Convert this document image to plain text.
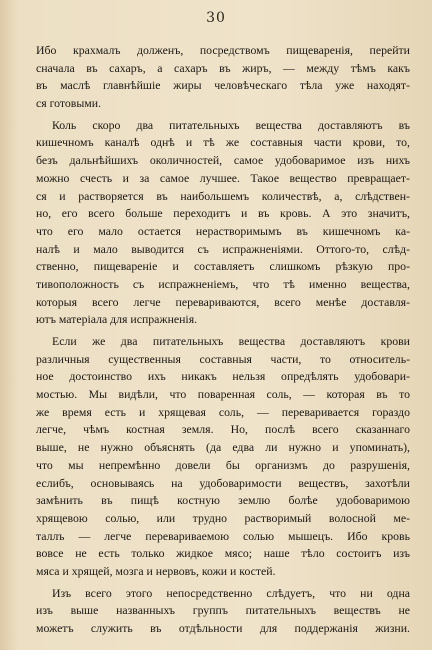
30
Ибо крахмалъ долженъ, посредствомъ пищеваренія, перейти
сначала въ сахаръ, а сахаръ въ жиръ, — между тѣмъ какъ
въ маслѣ главнѣйшіе жиры человѣческаго тѣла уже находят-
ся готовыми.
Коль скоро два питательныхъ вещества доставляютъ въ
кишечномъ каналѣ однѣ и тѣ же составныя части крови, то,
безъ дальнѣйшихъ околичностей, самое удобоваримое изъ нихъ
можно счесть и за самое лучшее. Такое вещество превращает-
ся и растворяется въ наибольшемъ количествѣ, а, слѣдствен-
но, его всего больше переходитъ и въ кровь. А это значитъ,
что его мало остается нерастворимымъ въ кишечномъ ка-
налѣ и мало выводится съ испражненіями. Оттого-то, слѣд-
ственно, пищевареніе и составляетъ слишкомъ рѣзкую про-
тивоположность съ испражненіемъ, что тѣ именно вещества,
которыя всего легче перевариваются, всего менѣе доставля-
ютъ матеріала для испражненія.
Если же два питательныхъ вещества доставляютъ крови
различныя существенныя составныя части, то относитель-
ное достоинство ихъ никакъ нельзя опредѣлять удобовари-
мостью. Мы видѣли, что поваренная соль, — которая въ то
же время есть и хрящевая соль, — переваривается гораздо
легче, чѣмъ костная земля. Но, послѣ всего сказаннаго
выше, не нужно объяснять (да едва ли нужно и упоминать),
что мы непремѣнно довели бы организмъ до разрушенія,
еслибъ, основываясь на удобоваримости веществъ, захотѣли
замѣнить въ пищѣ костную землю болѣе удобоваримою
хрящевою солью, или трудно растворимый волосной ме-
таллъ — легче перевариваемою солью мышецъ. Ибо кровь
вовсе не есть только жидкое мясо; наше тѣло состоитъ изъ
мяса и хрящей, мозга и нервовъ, кожи и костей.
Изъ всего этого непосредственно слѣдуетъ, что ни одна
изъ выше названныхъ группъ питательныхъ веществъ не
можетъ служить въ отдѣльности для поддержанія жизни.
